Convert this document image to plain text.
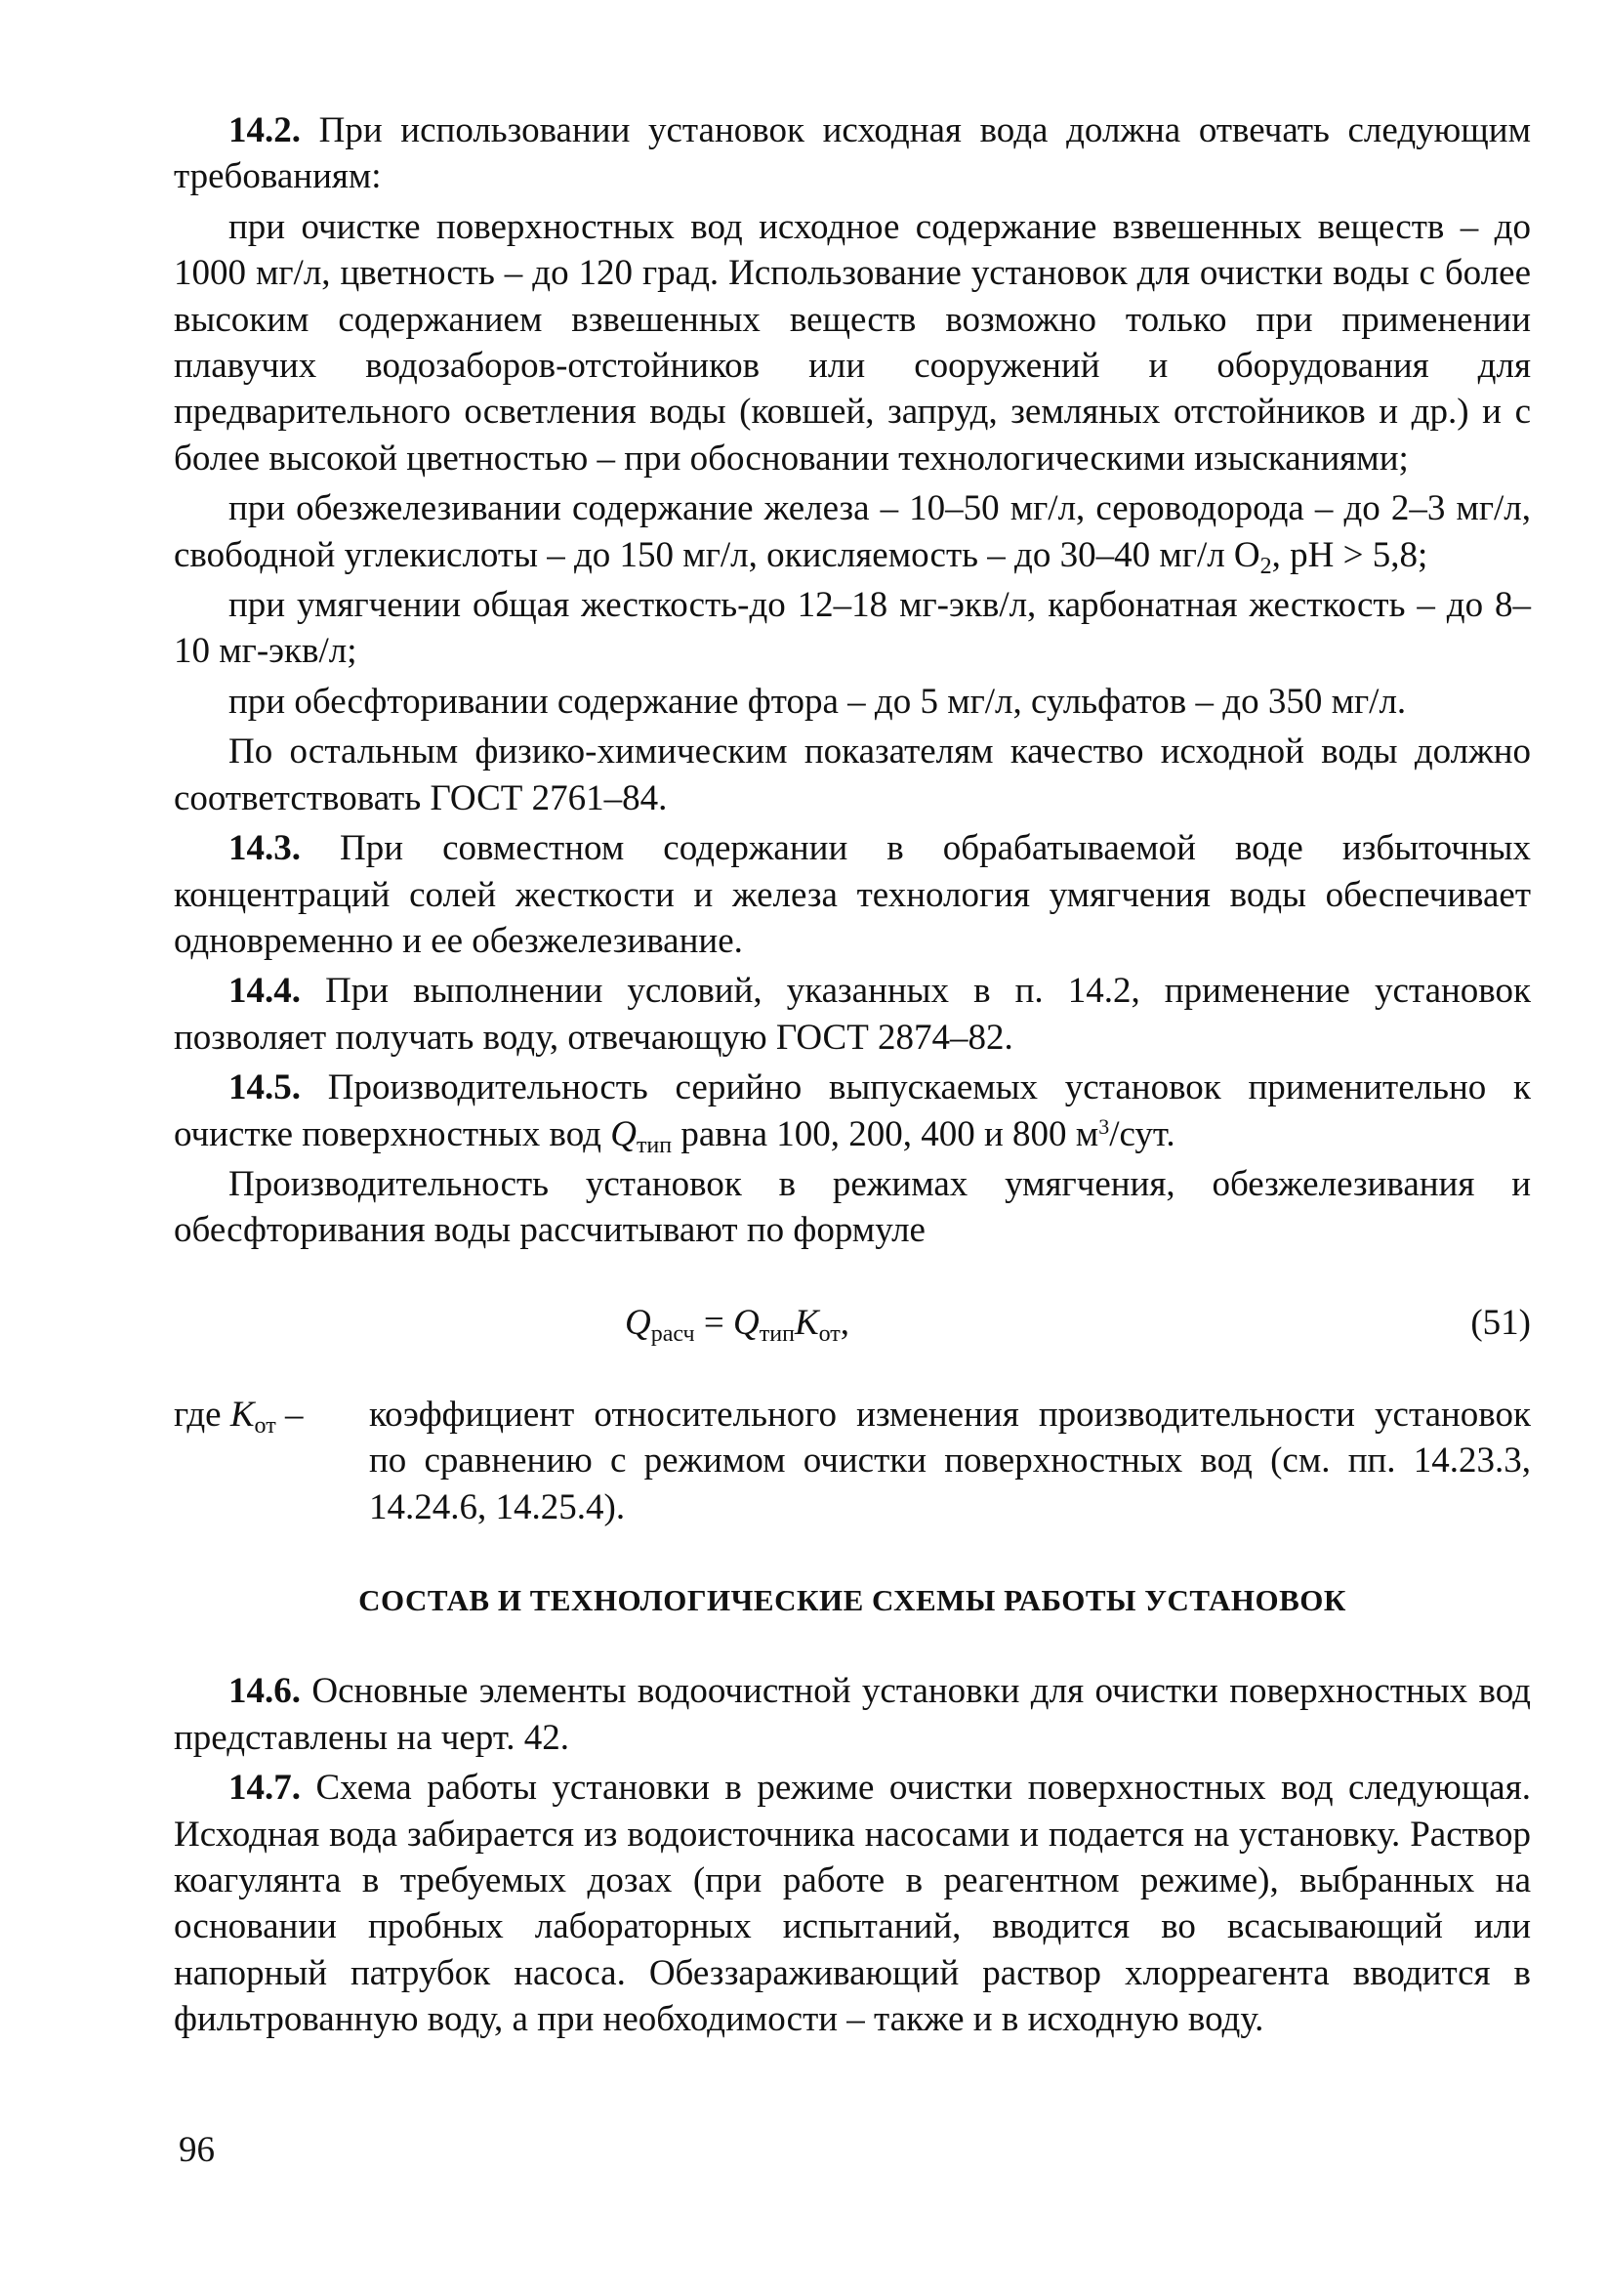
14.2. При использовании установок исходная вода должна отвечать следующим требованиям:

при очистке поверхностных вод исходное содержание взвешенных веществ – до 1000 мг/л, цветность – до 120 град. Использование установок для очистки воды с более высоким содержанием взвешенных веществ возможно только при применении плавучих водозаборов-отстойников или сооружений и оборудования для предварительного осветления воды (ковшей, запруд, земляных отстойников и др.) и с более высокой цветностью – при обосновании технологическими изысканиями;

при обезжелезивании содержание железа – 10–50 мг/л, сероводорода – до 2–3 мг/л, свободной углекислоты – до 150 мг/л, окисляемость – до 30–40 мг/л $О_2$, pH > 5,8;

при умягчении общая жесткость-до 12–18 мг-экв/л, карбонатная жесткость – до 8–10 мг-экв/л;

при обесфторивании содержание фтора – до 5 мг/л, сульфатов – до 350 мг/л.

По остальным физико-химическим показателям качество исходной воды должно соответствовать ГОСТ 2761–84.

14.3. При совместном содержании в обрабатываемой воде избыточных концентраций солей жесткости и железа технология умягчения воды обеспечивает одновременно и ее обезжелезивание.

14.4. При выполнении условий, указанных в п. 14.2, применение установок позволяет получать воду, отвечающую ГОСТ 2874–82.

14.5. Производительность серийно выпускаемых установок применительно к очистке поверхностных вод $Q_{тип}$ равна 100, 200, 400 и 800 $м^3$/сут.

Производительность установок в режимах умягчения, обезжелезивания и обесфторивания воды рассчитывают по формуле

$Q_{расч} = Q_{тип}K_{от}$,	(51)
где $K_{от}$ –	коэффициент относительного изменения производительности установок по сравнению с режимом очистки поверхностных вод (см. пп. 14.23.3, 14.24.6, 14.25.4).
СОСТАВ И ТЕХНОЛОГИЧЕСКИЕ СХЕМЫ РАБОТЫ УСТАНОВОК

14.6. Основные элементы водоочистной установки для очистки поверхностных вод представлены на черт. 42.

14.7. Схема работы установки в режиме очистки поверхностных вод следующая. Исходная вода забирается из водоисточника насосами и подается на установку. Раствор коагулянта в требуемых дозах (при работе в реагентном режиме), выбранных на основании пробных лабораторных испытаний, вводится во всасывающий или напорный патрубок насоса. Обеззараживающий раствор хлорреагента вводится в фильтрованную воду, а при необходимости – также и в исходную воду.

96
